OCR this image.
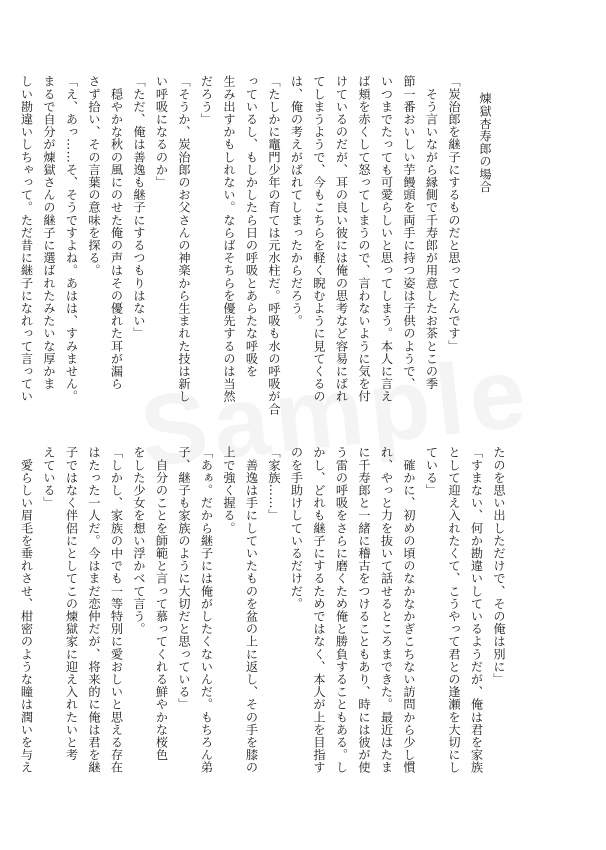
煉獄杏寿郎の場合

「炭治郎を継子にするものだと思ってたんです」
　そう言いながら縁側で千寿郎が用意したお茶とこの季
節一番おいしい芋饅頭を両手に持つ姿は子供のようで、
いつまでたっても可愛らしいと思ってしまう。本人に言え
ば頬を赤くして怒ってしまうので、言わないように気を付
けているのだが、耳の良い彼には俺の思考など容易にばれ
てしまうようで、今もこちらを軽く睨むように見てくるの
は、俺の考えがばれてしまったからだろう。
「たしかに竈門少年の育ては元水柱だ。呼吸も水の呼吸が合
っているし、もしかしたら日の呼吸とあらたな呼吸を
生み出すかもしれない。ならばそちらを優先するのは当然
だろう」
「そうか、炭治郎のお父さんの神楽から生まれた技は新し
い呼吸になるのか」
「ただ、俺は善逸も継子にするつもりはない」
　穏やかな秋の風にのせた俺の声はその優れた耳が漏ら
さず拾い、その言葉の意味を探る。
「え、あっ……そ、そうですよね。あはは、すみません。
まるで自分が煉獄さんの継子に選ばれたみたいな厚かま
しい勘違いしちゃって。ただ昔に継子になれって言ってい
たのを思い出しただけで、その俺は別に」
「すまない、何か勘違いしているようだが、俺は君を家族
として迎え入れたくて、こうやって君との逢瀬を大切にし
ている」
　確かに、初めの頃のなかなかぎこちない訪問から少し慣
れ、やっと力を抜いて話せるところまできた。最近はたま
に千寿郎と一緒に稽古をつけることもあり、時には彼が使
う雷の呼吸をさらに磨くため俺と勝負することもある。し
かし、どれも継子にするためではなく、本人が上を目指す
のを手助けしているだけだ。
「家族……」
　善逸は手にしていたものを盆の上に返し、その手を膝の
上で強く握る。
「あぁ。だから継子には俺がしたくないんだ。もちろん弟
子、継子も家族のように大切だと思っている」
　自分のことを師範と言って慕ってくれる鮮やかな桜色
をした少女を想い浮かべて言う。
「しかし、家族の中でも一等特別に愛おしいと思える存在
はたった一人だ。今はまだ恋仲だが、将来的に俺は君を継
子ではなく伴侶にとしてこの煉獄家に迎え入れたいと考
えている」
　愛らしい眉毛を垂れさせ、柑密のような瞳は潤いを与え
